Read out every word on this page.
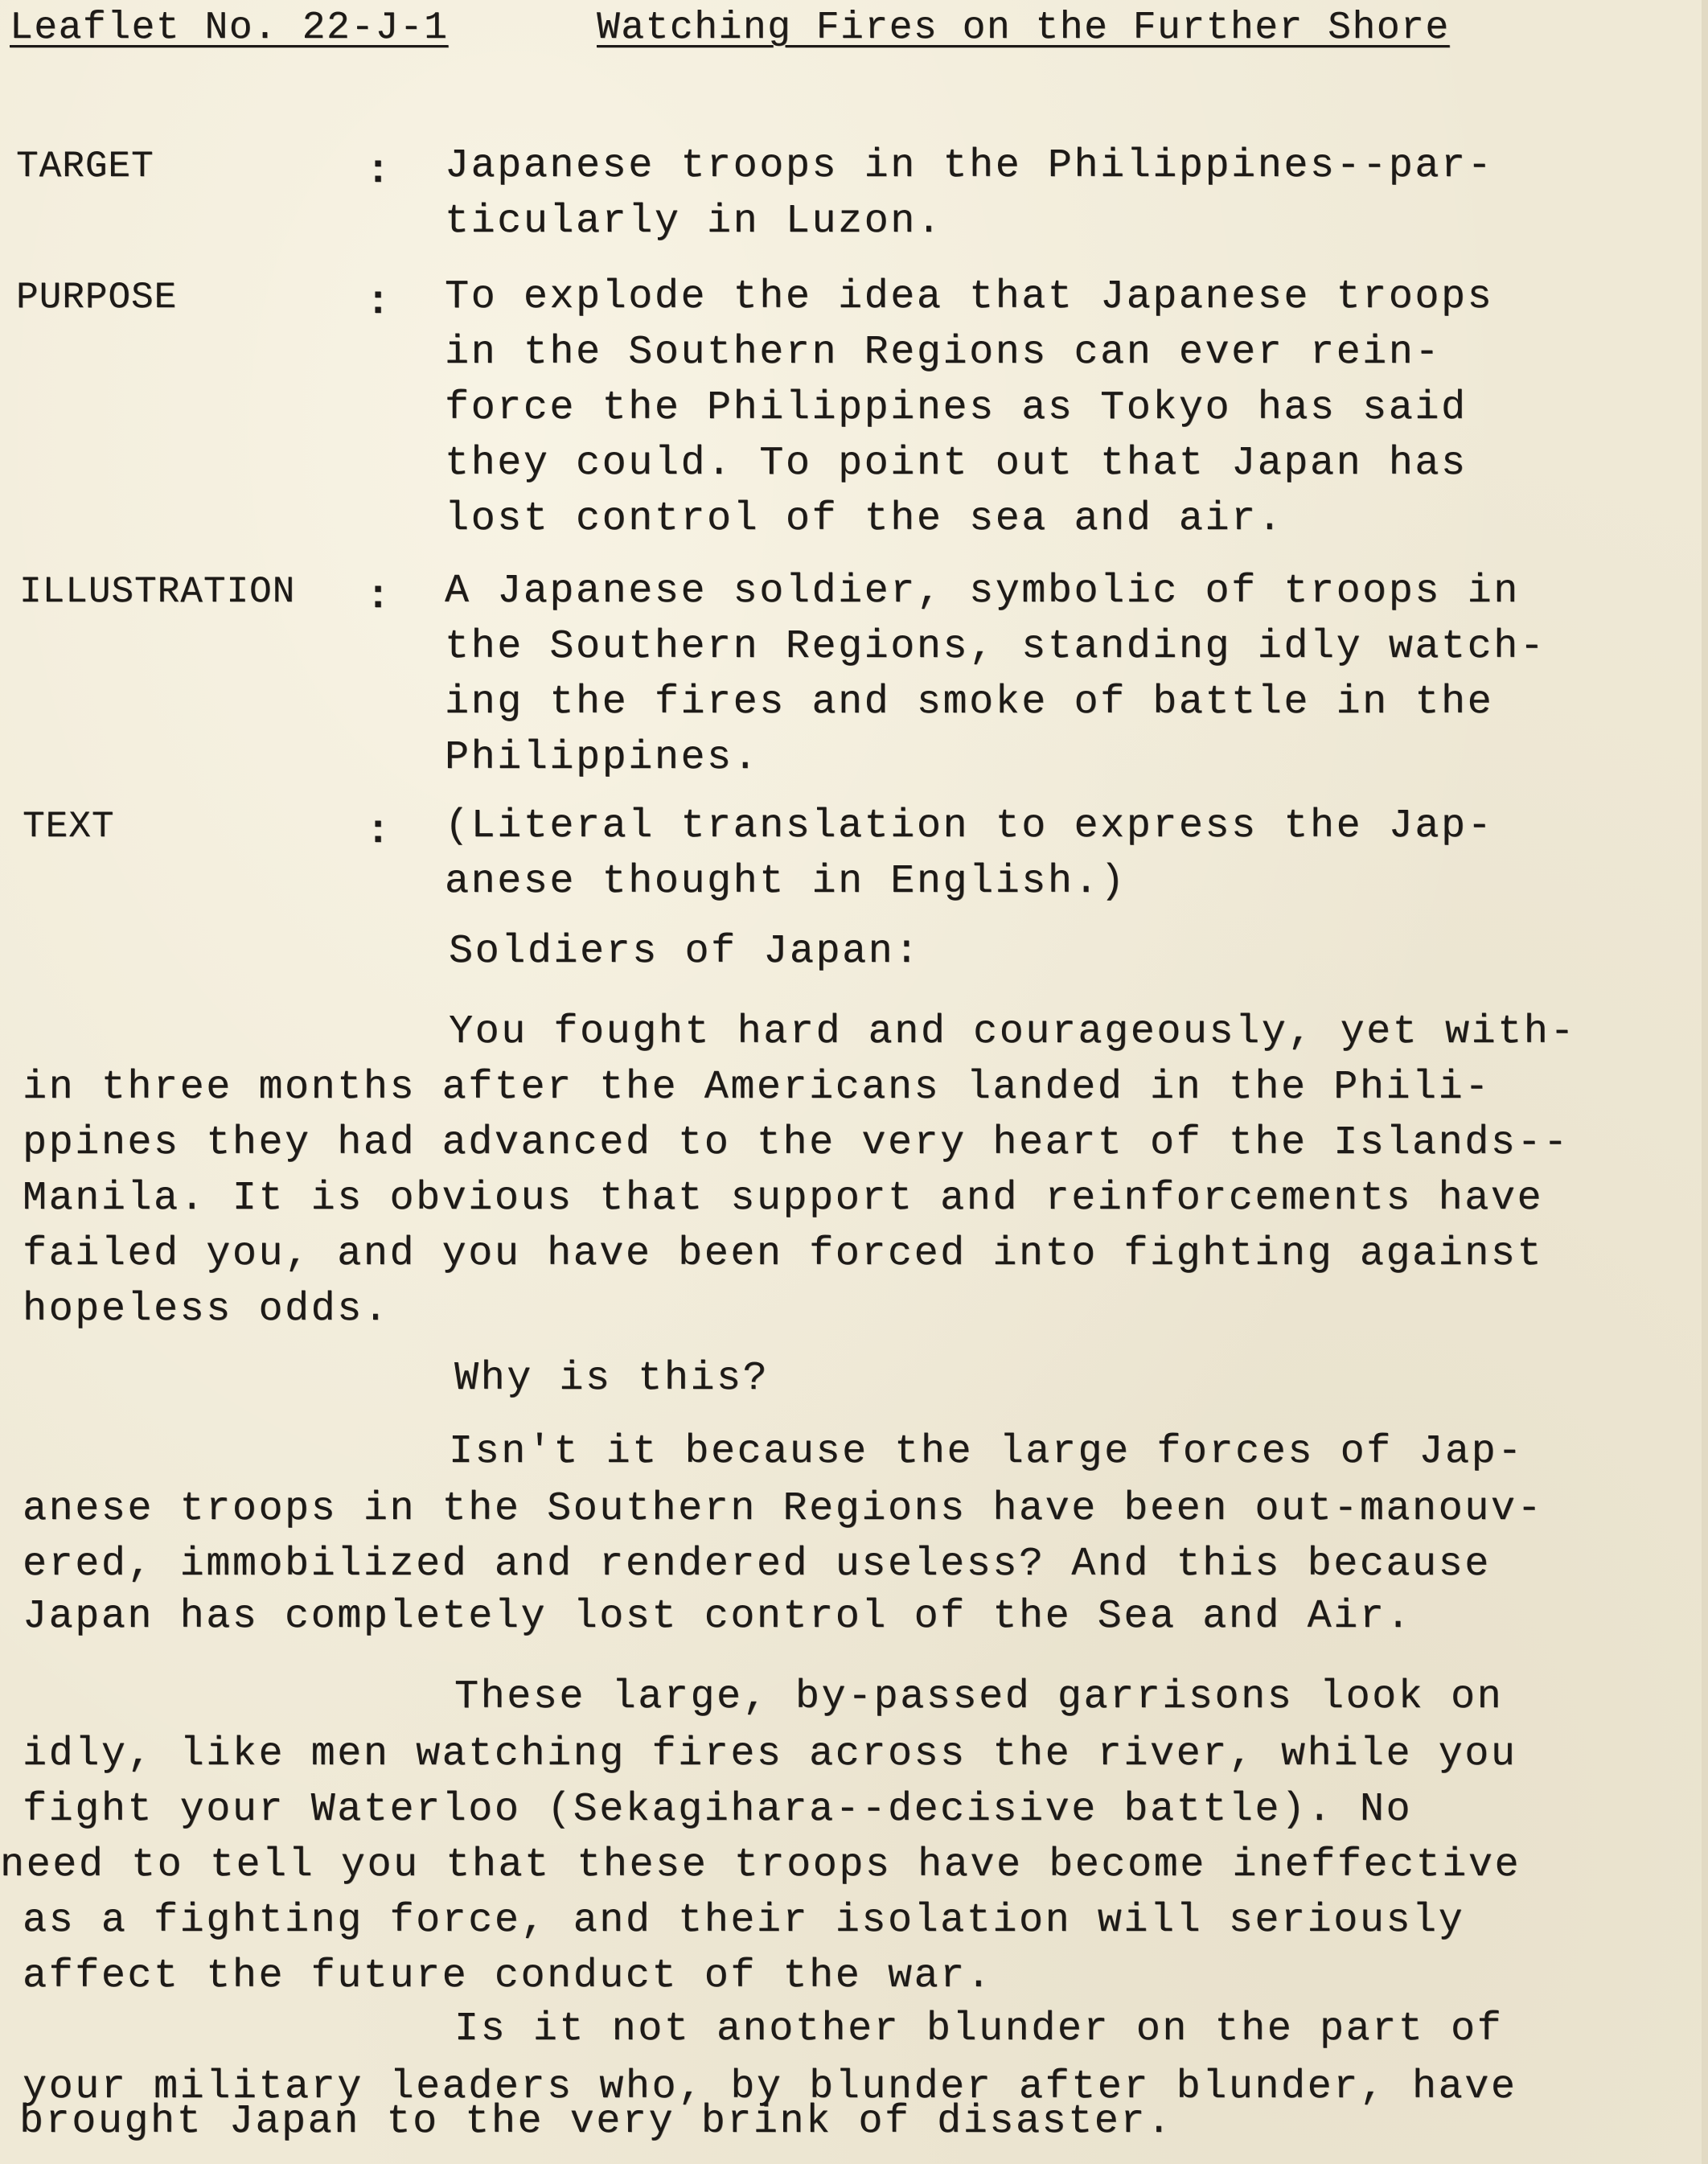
Leaflet No. 22-J-1	Watching Fires on the Further Shore
TARGET	: Japanese troops in the Philippines--par-
ticularly in Luzon.
PURPOSE	: To explode the idea that Japanese troops
in the Southern Regions can ever rein-
force the Philippines as Tokyo has said
they could. To point out that Japan has
lost control of the sea and air.
ILLUSTRATION : A Japanese soldier, symbolic of troops in
the Southern Regions, standing idly watch-
ing the fires and smoke of battle in the
Philippines.
TEXT	: (Literal translation to express the Jap-
anese thought in English.)
Soldiers of Japan:
You fought hard and courageously, yet with-
in three months after the Americans landed in the Phili-
ppines they had advanced to the very heart of the Islands--
Manila. It is obvious that support and reinforcements have
failed you, and you have been forced into fighting against
hopeless odds.
Why is this?
Isn't it because the large forces of Jap-
anese troops in the Southern Regions have been out-manouv-
ered, immobilized and rendered useless? And this because
Japan has completely lost control of the Sea and Air.
These large, by-passed garrisons look on
idly, like men watching fires across the river, while you
fight your Waterloo (Sekagihara--decisive battle). No
need to tell you that these troops have become ineffective
as a fighting force, and their isolation will seriously
affect the future conduct of the war.
Is it not another blunder on the part of
your military leaders who, by blunder after blunder, have
brought Japan to the very brink of disaster.
